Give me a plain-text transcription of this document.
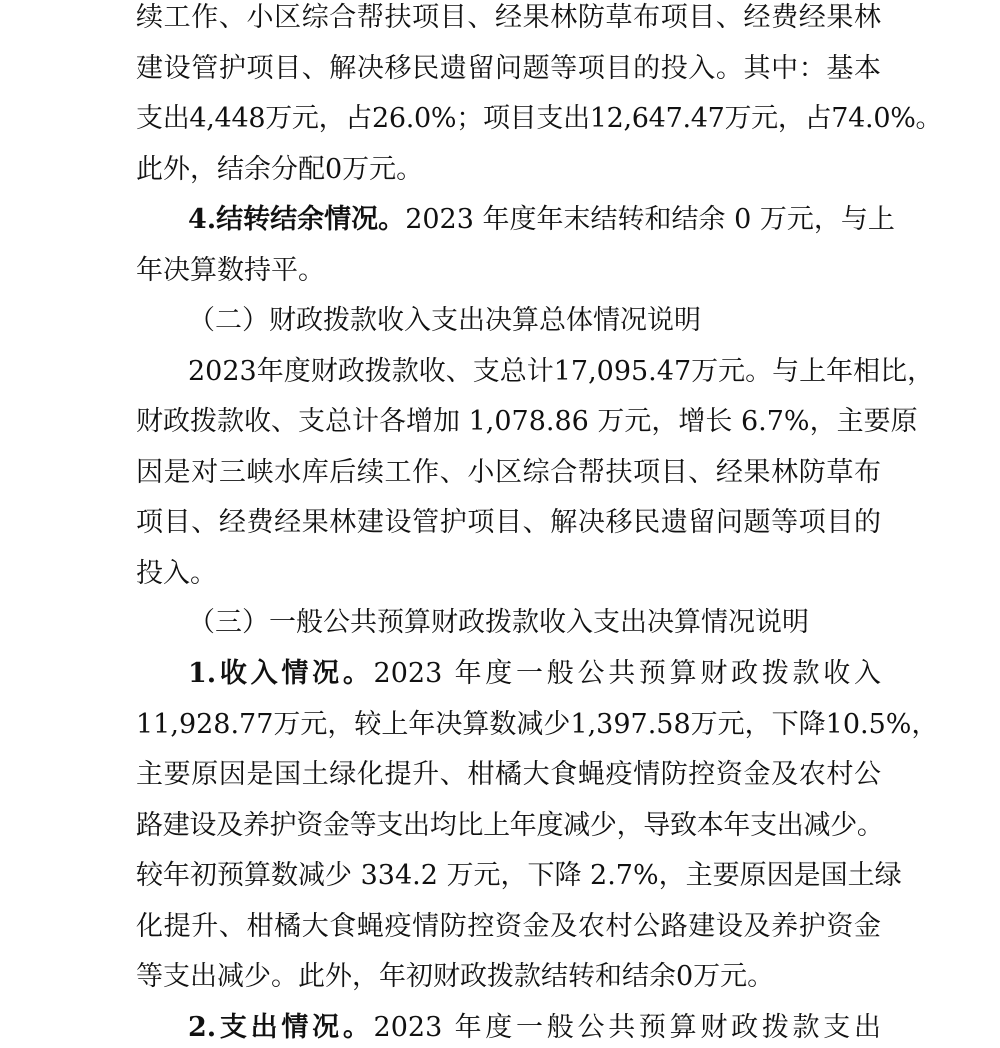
续工作、小区综合帮扶项目、经果林防草布项目、经费经果林
建设管护项目、解决移民遗留问题等项目的投入。其中：基本
支出4,448万元，占26.0%；项目支出12,647.47万元，占74.0%。
此外，结余分配0万元。
4.结转结余情况。2023 年度年末结转和结余 0 万元，与上
年决算数持平。
（二）财政拨款收入支出决算总体情况说明
2023年度财政拨款收、支总计17,095.47万元。与上年相比，
财政拨款收、支总计各增加 1,078.86 万元，增长 6.7%，主要原
因是对三峡水库后续工作、小区综合帮扶项目、经果林防草布
项目、经费经果林建设管护项目、解决移民遗留问题等项目的
投入。
（三）一般公共预算财政拨款收入支出决算情况说明
1.收入情况。2023 年度一般公共预算财政拨款收入
11,928.77万元，较上年决算数减少1,397.58万元，下降10.5%，
主要原因是国土绿化提升、柑橘大食蝇疫情防控资金及农村公
路建设及养护资金等支出均比上年度减少，导致本年支出减少。
较年初预算数减少 334.2 万元，下降 2.7%，主要原因是国土绿
化提升、柑橘大食蝇疫情防控资金及农村公路建设及养护资金
等支出减少。此外，年初财政拨款结转和结余0万元。
2.支出情况。2023 年度一般公共预算财政拨款支出
